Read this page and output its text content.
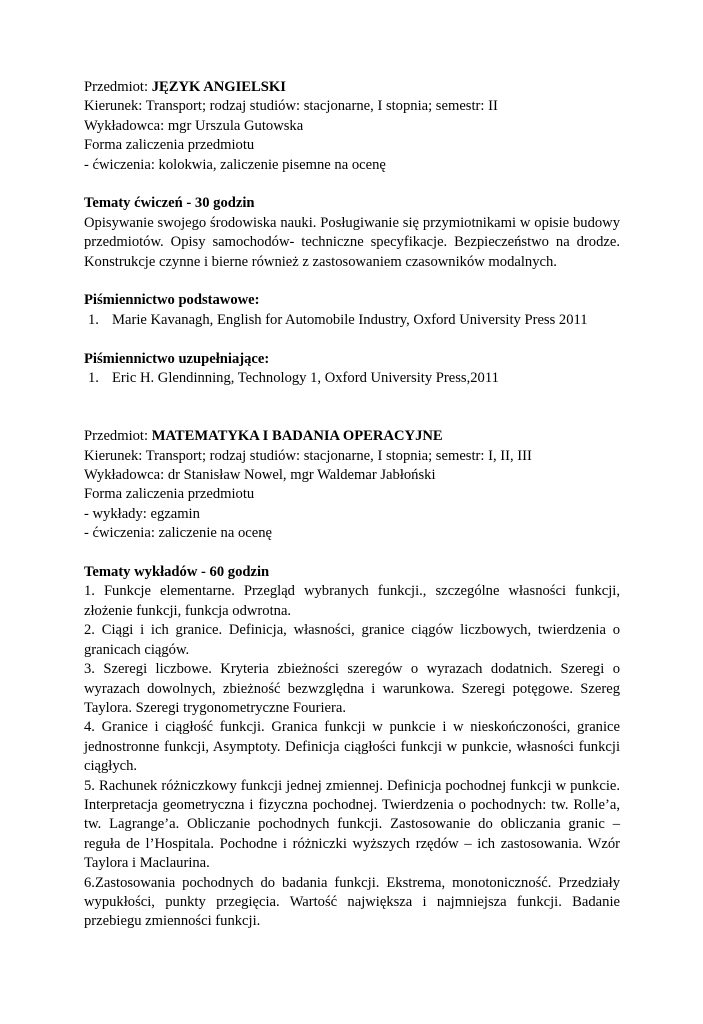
Przedmiot: JĘZYK ANGIELSKI

Kierunek: Transport; rodzaj studiów: stacjonarne, I stopnia; semestr: II

Wykładowca: mgr Urszula Gutowska

Forma zaliczenia przedmiotu

- ćwiczenia: kolokwia, zaliczenie pisemne na ocenę

Tematy ćwiczeń - 30 godzin

Opisywanie swojego środowiska nauki. Posługiwanie się przymiotnikami w opisie budowy przedmiotów. Opisy samochodów- techniczne specyfikacje. Bezpieczeństwo na drodze. Konstrukcje czynne i bierne również z zastosowaniem czasowników modalnych.

Piśmiennictwo podstawowe:

1. Marie Kavanagh, English for Automobile Industry, Oxford University Press 2011

Piśmiennictwo uzupełniające:

1. Eric H. Glendinning, Technology 1, Oxford University Press,2011

Przedmiot: MATEMATYKA I BADANIA OPERACYJNE

Kierunek: Transport; rodzaj studiów: stacjonarne, I stopnia; semestr: I, II, III

Wykładowca: dr Stanisław Nowel, mgr Waldemar Jabłoński

Forma zaliczenia przedmiotu

- wykłady: egzamin

- ćwiczenia: zaliczenie na ocenę

Tematy wykładów - 60 godzin

1. Funkcje elementarne. Przegląd wybranych funkcji., szczególne własności funkcji, złożenie funkcji, funkcja odwrotna.

2. Ciągi i ich granice. Definicja, własności, granice ciągów liczbowych, twierdzenia o granicach ciągów.

3. Szeregi liczbowe. Kryteria zbieżności szeregów o wyrazach dodatnich. Szeregi o wyrazach dowolnych, zbieżność bezwzględna i warunkowa. Szeregi potęgowe. Szereg Taylora. Szeregi trygonometryczne Fouriera.

4. Granice i ciągłość funkcji. Granica funkcji w punkcie i w nieskończoności, granice jednostronne funkcji, Asymptoty. Definicja ciągłości funkcji w punkcie, własności funkcji ciągłych.

5. Rachunek różniczkowy funkcji jednej zmiennej. Definicja pochodnej funkcji w punkcie. Interpretacja geometryczna i fizyczna pochodnej. Twierdzenia o pochodnych: tw. Rolle’a, tw. Lagrange’a. Obliczanie pochodnych funkcji. Zastosowanie do obliczania granic – reguła de l’Hospitala. Pochodne i różniczki wyższych rzędów – ich zastosowania. Wzór Taylora i Maclaurina.

6.Zastosowania pochodnych do badania funkcji. Ekstrema, monotoniczność. Przedziały wypukłości, punkty przegięcia. Wartość największa i najmniejsza funkcji. Badanie przebiegu zmienności funkcji.
